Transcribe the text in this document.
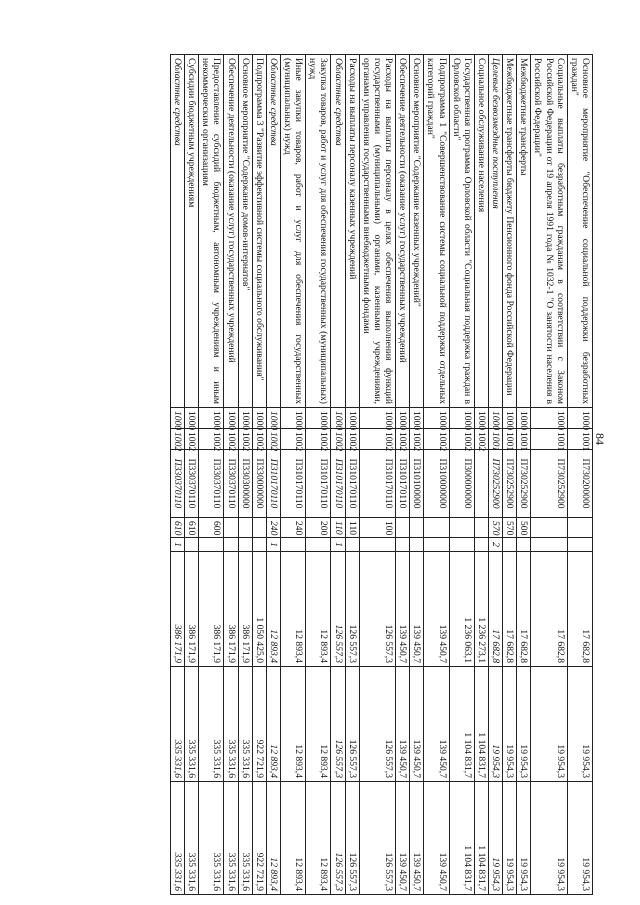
84
Основное мероприятие "Обеспечение социальной поддержки безработных граждан"	1000	1001	П730200000			17 682,8	19 954,3	19 954,3
Социальные выплаты безработным гражданам в соответствии с Законом Российской Федерации от 19 апреля 1991 года № 1032-1 "О занятости населения в Российской Федерации"	1000	1001	П730252900			17 682,8	19 954,3	19 954,3
Межбюджетные трансферты	1000	1001	П730252900	500		17 682,8	19 954,3	19 954,3
Межбюджетные трансферты бюджету Пенсионного фонда Российской Федерации	1000	1001	П730252900	570		17 682,8	19 954,3	19 954,3
Целевые безвозмездные поступления	1000	1001	П730252900	570	2	17 682,8	19 954,3	19 954,3
Социальное обслуживание населения	1000	1002				1 236 273,1	1 104 831,7	1 104 831,7
Государственная программа Орловской области "Социальная поддержка граждан в Орловской области"	1000	1002	П300000000			1 236 063,1	1 104 831,7	1 104 831,7
Подпрограмма 1 "Совершенствование системы социальной поддержки отдельных категорий граждан"	1000	1002	П310000000			139 450,7	139 450,7	139 450,7
Основное мероприятие "Содержание казенных учреждений"	1000	1002	П310100000			139 450,7	139 450,7	139 450,7
Обеспечение деятельности (оказание услуг) государственных учреждений	1000	1002	П310170110			139 450,7	139 450,7	139 450,7
Расходы на выплаты персоналу в целях обеспечения выполнения функций государственными (муниципальными) органами, казенными учреждениями, органами управления государственными внебюджетными фондами	1000	1002	П310170110	100		126 557,3	126 557,3	126 557,3
Расходы на выплаты персоналу казенных учреждений	1000	1002	П310170110	110		126 557,3	126 557,3	126 557,3
Областные средства	1000	1002	П310170110	110	1	126 557,3	126 557,3	126 557,3
Закупка товаров, работ и услуг для обеспечения государственных (муниципальных) нужд	1000	1002	П310170110	200		12 893,4	12 893,4	12 893,4
Иные закупки товаров, работ и услуг для обеспечения государственных (муниципальных) нужд	1000	1002	П310170110	240		12 893,4	12 893,4	12 893,4
Областные средства	1000	1002	П310170110	240	1	12 893,4	12 893,4	12 893,4
Подпрограмма 3 "Развитие эффективной системы социального обслуживания"	1000	1002	П330000000			1 050 425,0	922 721,9	922 721,9
Основное мероприятие "Содержание домов-интернатов"	1000	1002	П330300000			386 171,9	335 331,6	335 331,6
Обеспечение деятельности (оказание услуг) государственных учреждений	1000	1002	П330370110			386 171,9	335 331,6	335 331,6
Предоставление субсидий бюджетным, автономным учреждениям и иным некоммерческим организациям	1000	1002	П330370110	600		386 171,9	335 331,6	335 331,6
Субсидии бюджетным учреждениям	1000	1002	П330370110	610		386 171,9	335 331,6	335 331,6
Областные средства	1000	1002	П330370110	610	1	386 171,9	335 331,6	335 331,6
